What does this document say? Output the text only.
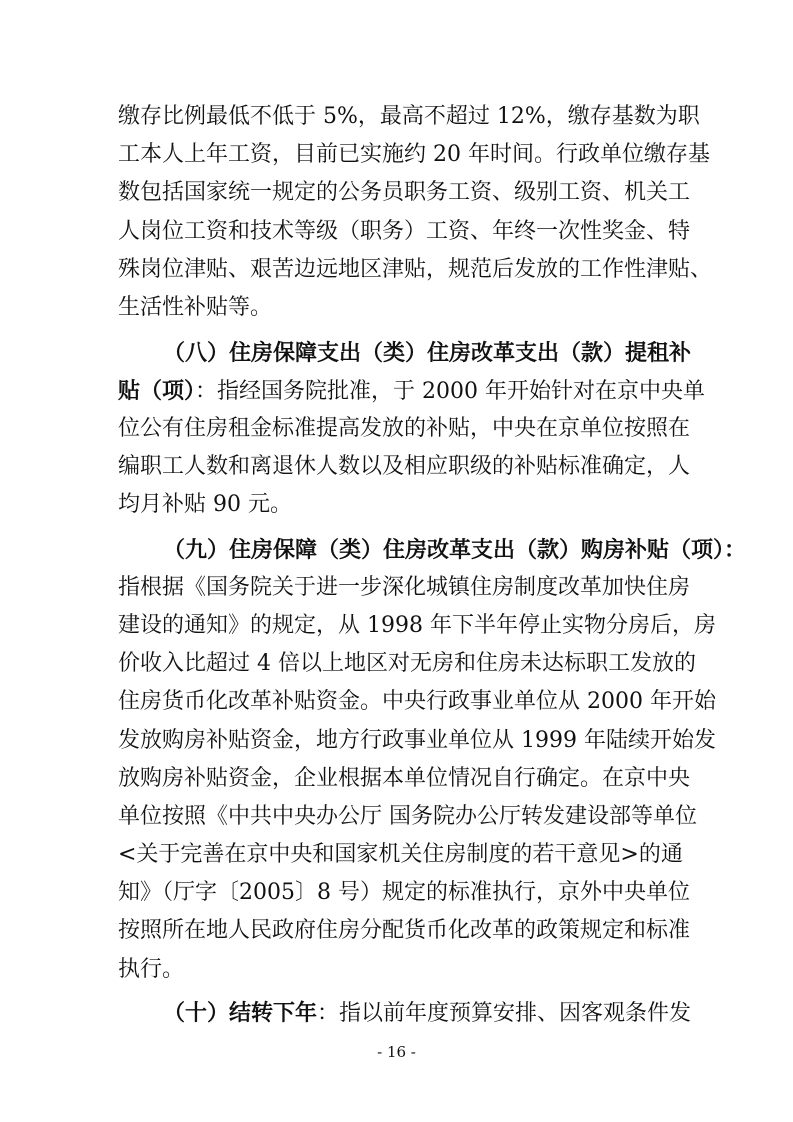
缴存比例最低不低于 5%，最高不超过 12%，缴存基数为职
工本人上年工资，目前已实施约 20 年时间。行政单位缴存基
数包括国家统一规定的公务员职务工资、级别工资、机关工
人岗位工资和技术等级（职务）工资、年终一次性奖金、特
殊岗位津贴、艰苦边远地区津贴，规范后发放的工作性津贴、
生活性补贴等。
（八）住房保障支出（类）住房改革支出（款）提租补
贴（项）：指经国务院批准，于 2000 年开始针对在京中央单
位公有住房租金标准提高发放的补贴，中央在京单位按照在
编职工人数和离退休人数以及相应职级的补贴标准确定，人
均月补贴 90 元。
（九）住房保障（类）住房改革支出（款）购房补贴（项）：
指根据《国务院关于进一步深化城镇住房制度改革加快住房
建设的通知》的规定，从 1998 年下半年停止实物分房后，房
价收入比超过 4 倍以上地区对无房和住房未达标职工发放的
住房货币化改革补贴资金。中央行政事业单位从 2000 年开始
发放购房补贴资金，地方行政事业单位从 1999 年陆续开始发
放购房补贴资金，企业根据本单位情况自行确定。在京中央
单位按照《中共中央办公厅 国务院办公厅转发建设部等单位
<关于完善在京中央和国家机关住房制度的若干意见>的通
知》（厅字〔2005〕8 号）规定的标准执行，京外中央单位
按照所在地人民政府住房分配货币化改革的政策规定和标准
执行。
（十）结转下年：指以前年度预算安排、因客观条件发
- 16 -
